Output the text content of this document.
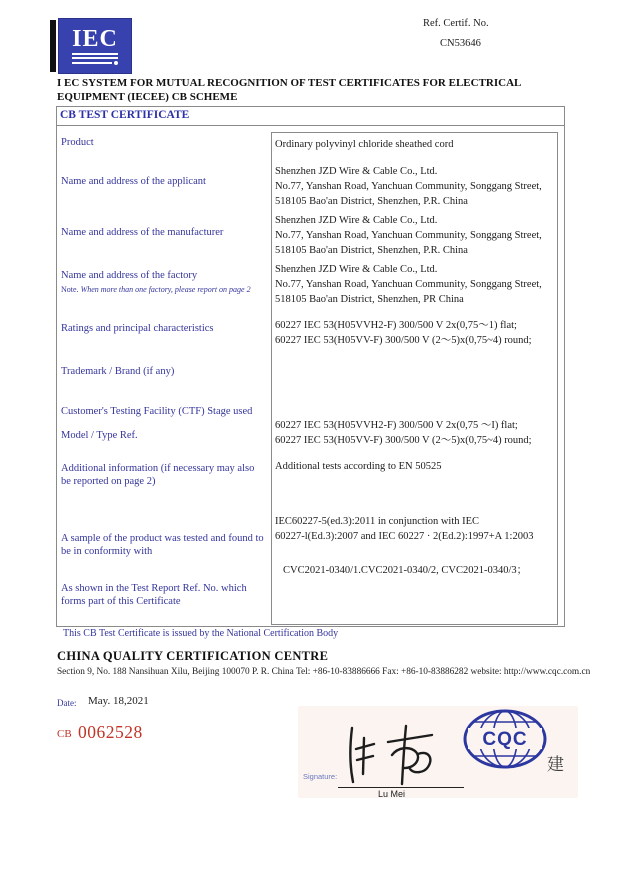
IEC
Ref. Certif. No.
CN53646
I EC SYSTEM FOR MUTUAL RECOGNITION OF TEST CERTIFICATES FOR ELECTRICAL EQUIPMENT (IECEE) CB SCHEME
CB TEST CERTIFICATE
Product
Name and address of the applicant
Name and address of the manufacturer
Name and address of the factory
Note. When more than one factory, please report on page 2
Ratings and principal characteristics
Trademark / Brand (if any)
Customer's Testing Facility (CTF) Stage used
Model / Type Ref.
Additional information (if necessary may also be reported on page 2)
A sample of the product was tested and found to be in conformity with
As shown in the Test Report Ref. No. which forms part of this Certificate
Ordinary polyvinyl chloride sheathed cord
Shenzhen JZD Wire & Cable Co., Ltd.
No.77, Yanshan Road, Yanchuan Community, Songgang Street,
518105 Bao'an District, Shenzhen, P.R. China
Shenzhen JZD Wire & Cable Co., Ltd.
No.77, Yanshan Road, Yanchuan Community, Songgang Street,
518105 Bao'an District, Shenzhen, P.R. China
Shenzhen JZD Wire & Cable Co., Ltd.
No.77, Yanshan Road, Yanchuan Community, Songgang Street,
518105 Bao'an District, Shenzhen, PR China
60227 IEC 53(H05VVH2-F) 300/500 V 2x(0,75〜1) flat;
60227 IEC 53(H05VV-F) 300/500 V (2〜5)x(0,75~4) round;
60227 IEC 53(H05VVH2-F) 300/500 V 2x(0,75 〜I) flat;
60227 IEC 53(H05VV-F) 300/500 V (2〜5)x(0,75~4) round;
Additional tests according to EN 50525
IEC60227-5(ed.3):2011 in conjunction with IEC
60227-l(Ed.3):2007 and IEC 60227 · 2(Ed.2):1997+A 1:2003
CVC2021-0340/1.CVC2021-0340/2, CVC2021-0340/3；
This CB Test Certificate is issued by the National Certification Body
CHINA QUALITY CERTIFICATION CENTRE
Section 9, No. 188 Nansihuan Xilu, Beijing 100070 P. R. China Tel: +86-10-83886666 Fax: +86-10-83886282 website: http://www.cqc.com.cn
Date: May. 18,2021
CB 0062528
Signature:
Lu Mei
CQC
建
